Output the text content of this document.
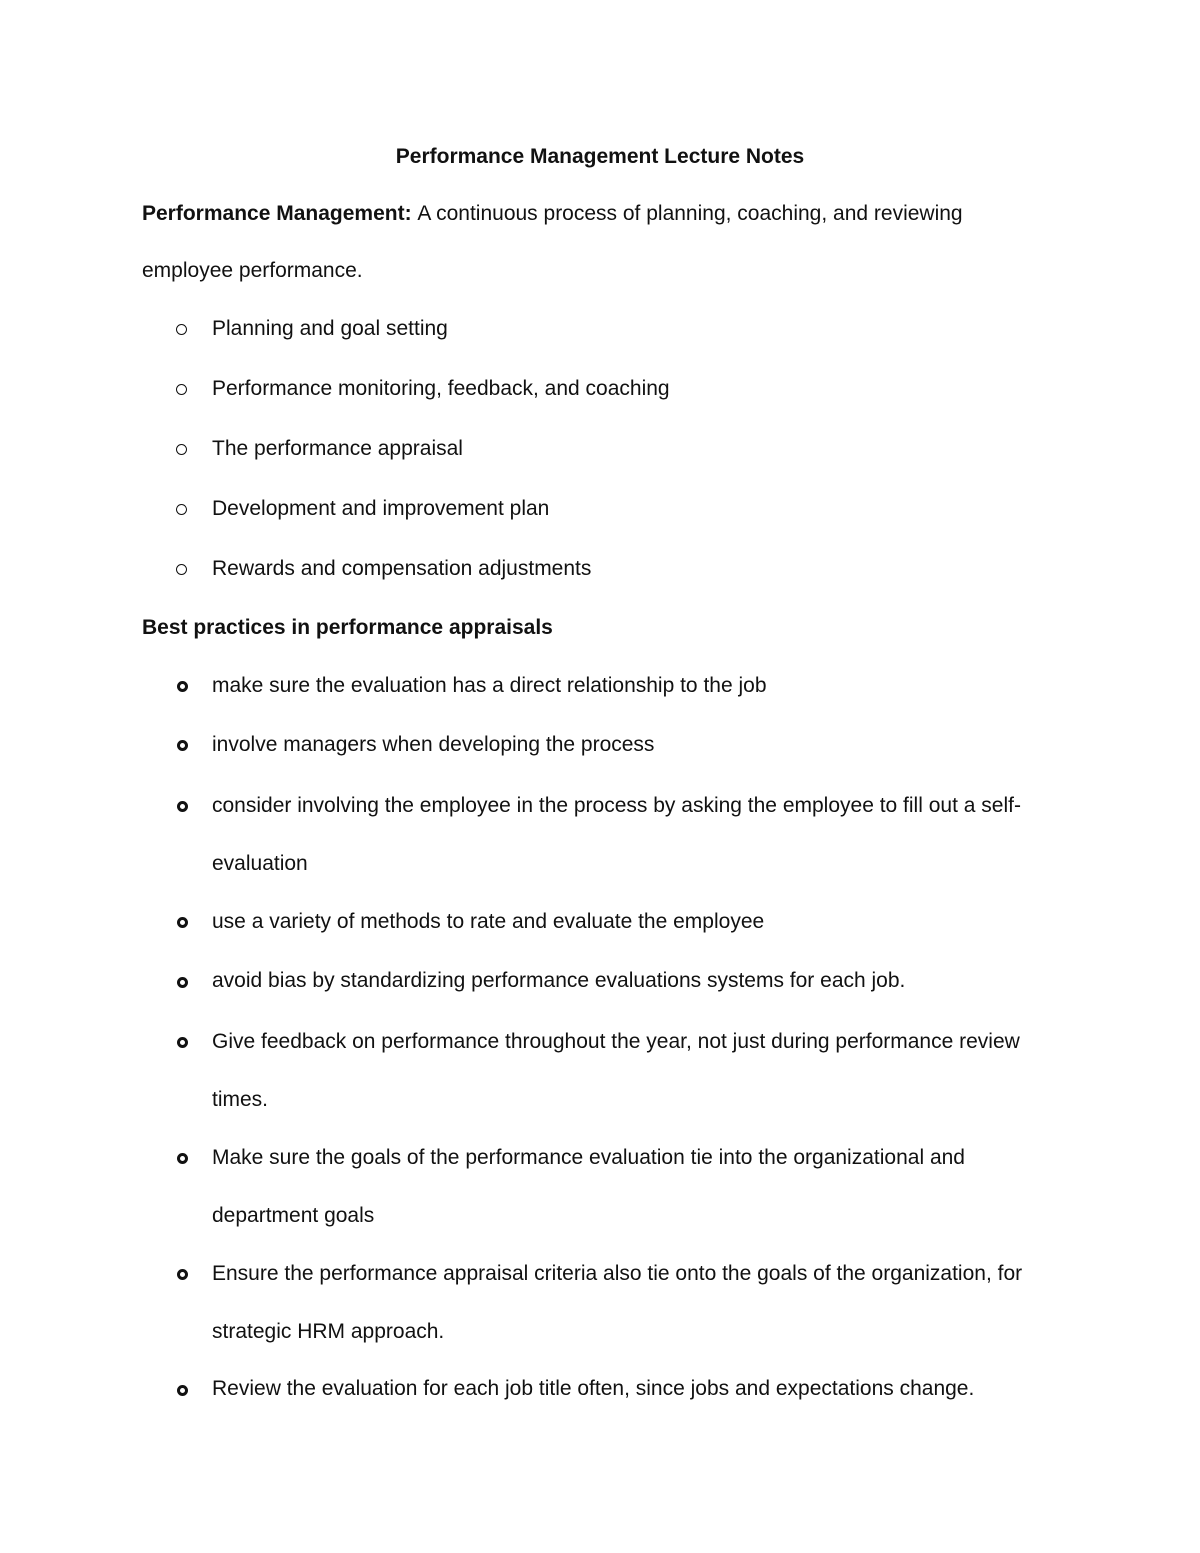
Performance Management Lecture Notes
Performance Management: A continuous process of planning, coaching, and reviewing
employee performance.
Planning and goal setting
Performance monitoring, feedback, and coaching
The performance appraisal
Development and improvement plan
Rewards and compensation adjustments
Best practices in performance appraisals
make sure the evaluation has a direct relationship to the job
involve managers when developing the process
consider involving the employee in the process by asking the employee to fill out a self-evaluation
use a variety of methods to rate and evaluate the employee
avoid bias by standardizing performance evaluations systems for each job.
Give feedback on performance throughout the year, not just during performance review times.
Make sure the goals of the performance evaluation tie into the organizational and department goals
Ensure the performance appraisal criteria also tie onto the goals of the organization, for strategic HRM approach.
Review the evaluation for each job title often, since jobs and expectations change.
